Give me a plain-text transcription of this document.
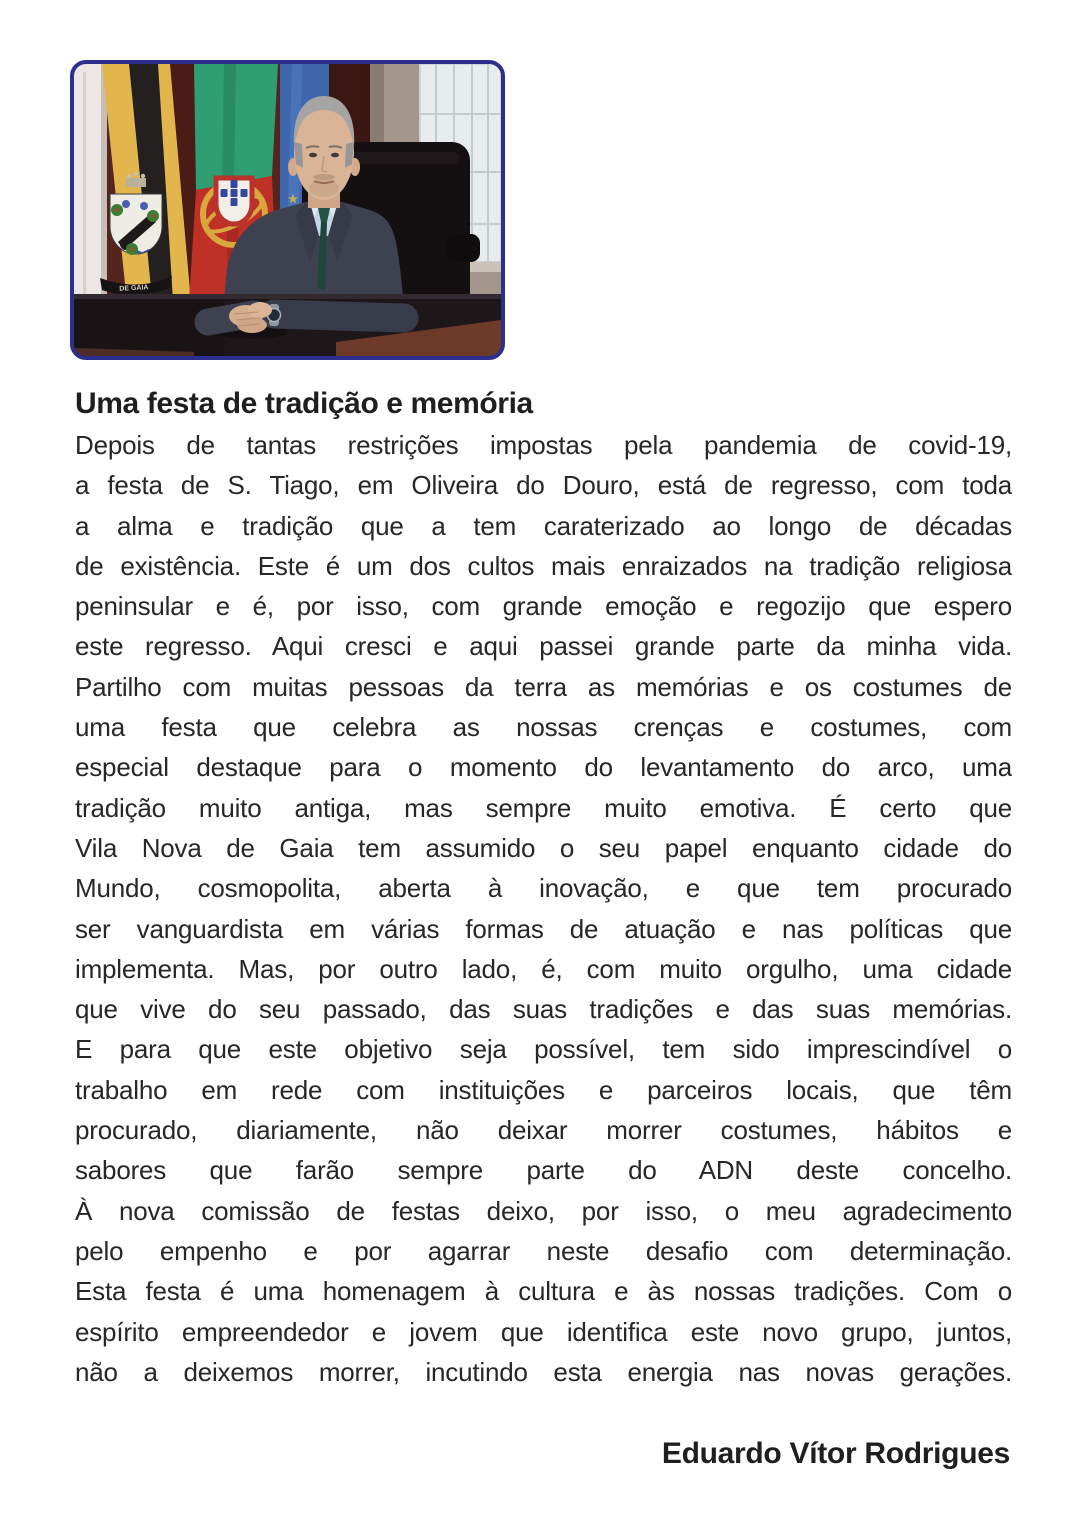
DE GAIA
Uma festa de tradição e memória
Depois de tantas restrições impostas pela pandemia de covid-19,
a festa de S. Tiago, em Oliveira do Douro, está de regresso, com toda
a alma e tradição que a tem caraterizado ao longo de décadas
de existência. Este é um dos cultos mais enraizados na tradição religiosa
peninsular e é, por isso, com grande emoção e regozijo que espero
este regresso. Aqui cresci e aqui passei grande parte da minha vida.
Partilho com muitas pessoas da terra as memórias e os costumes de
uma festa que celebra as nossas crenças e costumes, com
especial destaque para o momento do levantamento do arco, uma
tradição muito antiga, mas sempre muito emotiva. É certo que
Vila Nova de Gaia tem assumido o seu papel enquanto cidade do
Mundo, cosmopolita, aberta à inovação, e que tem procurado
ser vanguardista em várias formas de atuação e nas políticas que
implementa. Mas, por outro lado, é, com muito orgulho, uma cidade
que vive do seu passado, das suas tradições e das suas memórias.
E para que este objetivo seja possível, tem sido imprescindível o
trabalho em rede com instituições e parceiros locais, que têm
procurado, diariamente, não deixar morrer costumes, hábitos e
sabores que farão sempre parte do ADN deste concelho.
À nova comissão de festas deixo, por isso, o meu agradecimento
pelo empenho e por agarrar neste desafio com determinação.
Esta festa é uma homenagem à cultura e às nossas tradições. Com o
espírito empreendedor e jovem que identifica este novo grupo, juntos,
não a deixemos morrer, incutindo esta energia nas novas gerações.
Eduardo Vítor Rodrigues
